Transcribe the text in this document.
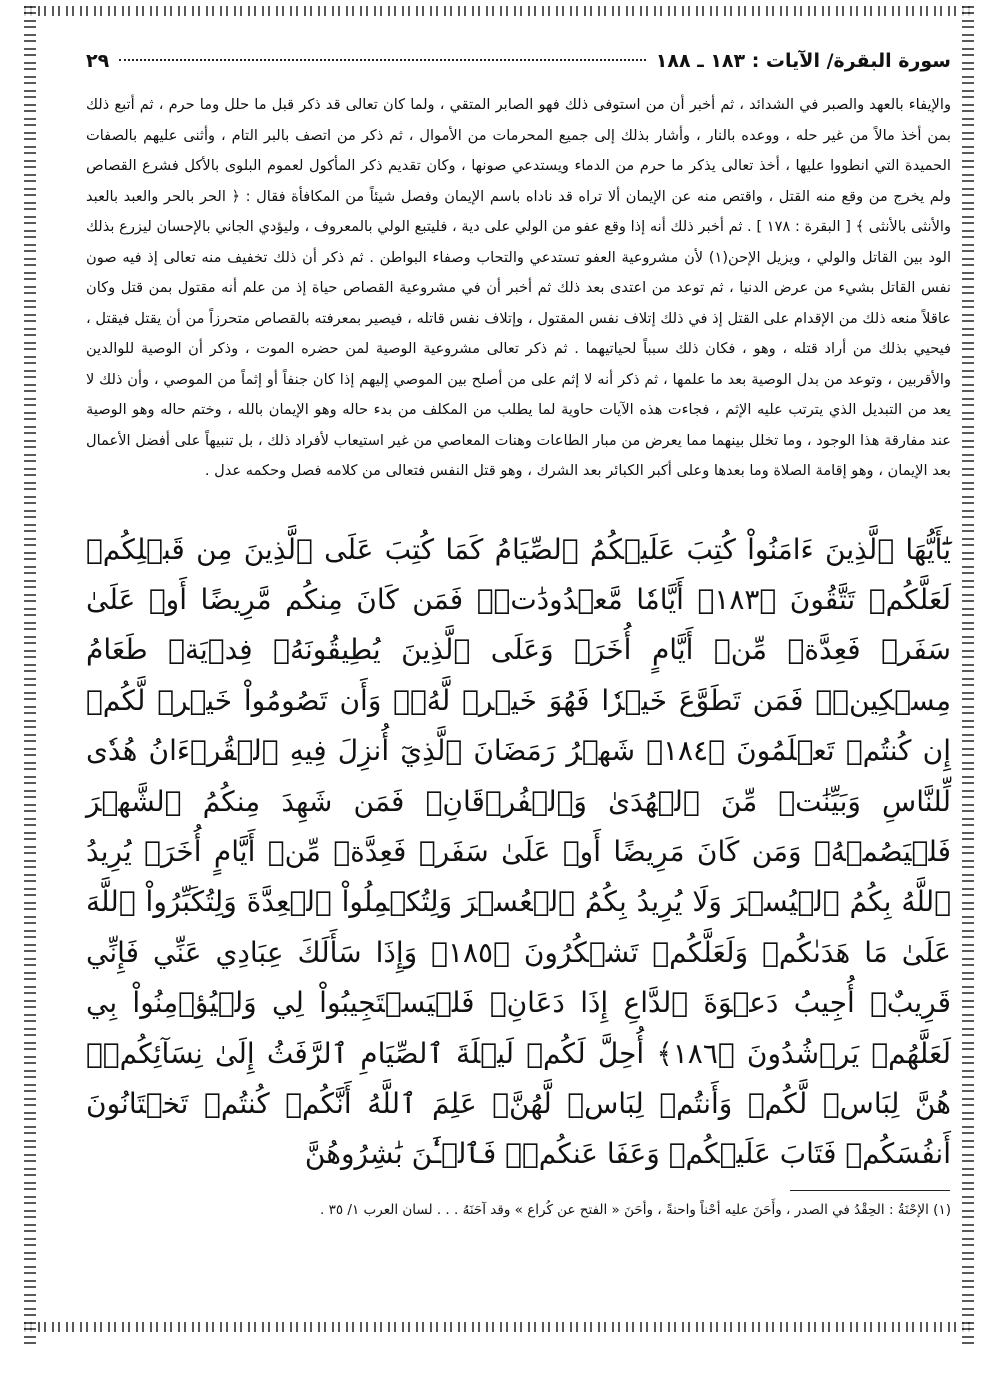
سورة البقرة/ الآيات : ١٨٣ ـ ١٨٨
٢٩

والإيفاء بالعهد والصبر في الشدائد ، ثم أخبر أن من استوفى ذلك فهو الصابر المتقي ، ولما كان تعالى قد ذكر قبل ما حلل وما حرم ، ثم أتبع ذلك بمن أخذ مالاً من غير حله ، ووعده بالنار ، وأشار بذلك إلى جميع المحرمات من الأموال ، ثم ذكر من اتصف بالبر التام ، وأثنى عليهم بالصفات الحميدة التي انطووا عليها ، أخذ تعالى يذكر ما حرم من الدماء ويستدعي صونها ، وكان تقديم ذكر المأكول لعموم البلوى بالأكل فشرع القصاص ولم يخرج من وقع منه القتل ، واقتص منه عن الإيمان ألا تراه قد ناداه باسم الإيمان وفصل شيئاً من المكافأة فقال : ﴿ الحر بالحر والعبد بالعبد والأنثى بالأنثى ﴾ [ البقرة : ١٧٨ ] . ثم أخبر ذلك أنه إذا وقع عفو من الولي على دية ، فليتبع الولي بالمعروف ، وليؤدي الجاني بالإحسان ليزرع بذلك الود بين القاتل والولي ، ويزيل الإحن(١) لأن مشروعية العفو تستدعي والتحاب وصفاء البواطن . ثم ذكر أن ذلك تخفيف منه تعالى إذ فيه صون نفس القاتل بشيء من عرض الدنيا ، ثم توعد من اعتدى بعد ذلك ثم أخبر أن في مشروعية القصاص حياة إذ من علم أنه مقتول بمن قتل وكان عاقلاً منعه ذلك من الإقدام على القتل إذ في ذلك إتلاف نفس المقتول ، وإتلاف نفس قاتله ، فيصير بمعرفته بالقصاص متحرزاً من أن يقتل فيقتل ، فيحيي بذلك من أراد قتله ، وهو ، فكان ذلك سبباً لحياتيهما . ثم ذكر تعالى مشروعية الوصية لمن حضره الموت ، وذكر أن الوصية للوالدين والأقربين ، وتوعد من بدل الوصية بعد ما علمها ، ثم ذكر أنه لا إثم على من أصلح بين الموصي إليهم إذا كان جنفاً أو إثماً من الموصي ، وأن ذلك لا يعد من التبديل الذي يترتب عليه الإثم ، فجاءت هذه الآيات حاوية لما يطلب من المكلف من بدء حاله وهو الإيمان بالله ، وختم حاله وهو الوصية عند مفارقة هذا الوجود ، وما تخلل بينهما مما يعرض من مبار الطاعات وهنات المعاصي من غير استيعاب لأفراد ذلك ، بل تنبيهاً على أفضل الأعمال بعد الإيمان ، وهو إقامة الصلاة وما بعدها وعلى أكبر الكبائر بعد الشرك ، وهو قتل النفس فتعالى من كلامه فصل وحكمه عدل .

يَٰٓأَيُّهَا ٱلَّذِينَ ءَامَنُواْ كُتِبَ عَلَيۡكُمُ ٱلصِّيَامُ كَمَا كُتِبَ عَلَى ٱلَّذِينَ مِن قَبۡلِكُمۡ لَعَلَّكُمۡ تَتَّقُونَ ﴿١٨٣﴾ أَيَّامٗا مَّعۡدُودَٰتٖۚ فَمَن كَانَ مِنكُم مَّرِيضًا أَوۡ عَلَىٰ سَفَرٖ فَعِدَّةٞ مِّنۡ أَيَّامٍ أُخَرَۚ وَعَلَى ٱلَّذِينَ يُطِيقُونَهُۥ فِدۡيَةٞ طَعَامُ مِسۡكِينٖۖ فَمَن تَطَوَّعَ خَيۡرٗا فَهُوَ خَيۡرٞ لَّهُۥۚ وَأَن تَصُومُواْ خَيۡرٞ لَّكُمۡ إِن كُنتُمۡ تَعۡلَمُونَ ﴿١٨٤﴾ شَهۡرُ رَمَضَانَ ٱلَّذِيٓ أُنزِلَ فِيهِ ٱلۡقُرۡءَانُ هُدٗى لِّلنَّاسِ وَبَيِّنَٰتٖ مِّنَ ٱلۡهُدَىٰ وَٱلۡفُرۡقَانِۚ فَمَن شَهِدَ مِنكُمُ ٱلشَّهۡرَ فَلۡيَصُمۡهُۖ وَمَن كَانَ مَرِيضًا أَوۡ عَلَىٰ سَفَرٖ فَعِدَّةٞ مِّنۡ أَيَّامٍ أُخَرَۗ يُرِيدُ ٱللَّهُ بِكُمُ ٱلۡيُسۡرَ وَلَا يُرِيدُ بِكُمُ ٱلۡعُسۡرَ وَلِتُكۡمِلُواْ ٱلۡعِدَّةَ وَلِتُكَبِّرُواْ ٱللَّهَ عَلَىٰ مَا هَدَىٰكُمۡ وَلَعَلَّكُمۡ تَشۡكُرُونَ ﴿١٨٥﴾ وَإِذَا سَأَلَكَ عِبَادِي عَنِّي فَإِنِّي قَرِيبٌۖ أُجِيبُ دَعۡوَةَ ٱلدَّاعِ إِذَا دَعَانِۖ فَلۡيَسۡتَجِيبُواْ لِي وَلۡيُؤۡمِنُواْ بِي لَعَلَّهُمۡ يَرۡشُدُونَ ﴿١٨٦﴾ أُحِلَّ لَكُمۡ لَيۡلَةَ ٱلصِّيَامِ ٱلرَّفَثُ إِلَىٰ نِسَآئِكُمۡۚ هُنَّ لِبَاسٞ لَّكُمۡ وَأَنتُمۡ لِبَاسٞ لَّهُنَّۗ عَلِمَ ٱللَّهُ أَنَّكُمۡ كُنتُمۡ تَخۡتَانُونَ أَنفُسَكُمۡ فَتَابَ عَلَيۡكُمۡ وَعَفَا عَنكُمۡۖ فَٱلۡـَٰٔنَ بَٰشِرُوهُنَّ

(١) الإحْنَةُ : الحِقْدُ في الصدر ، وأَحَنَ عليه أحْناً واحنةً ، وأحَنَ « الفتح عن كُراع » وقد آحَنَهُ . . . لسان العرب ١/ ٣٥ .
